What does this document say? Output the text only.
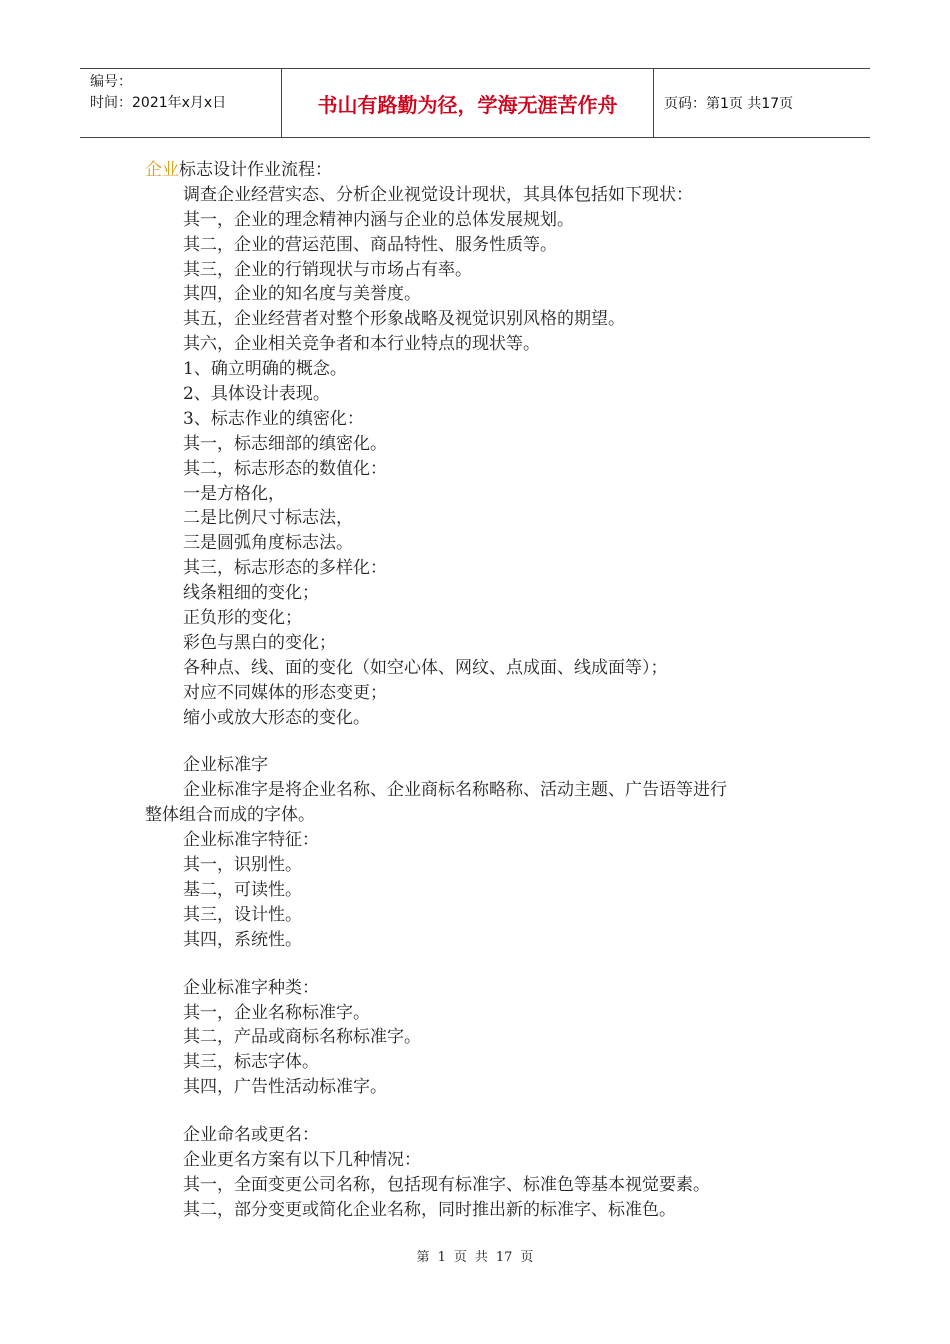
编号：
时间：2021年x月x日	书山有路勤为径，学海无涯苦作舟	页码：第1页 共17页
企业标志设计作业流程：
调查企业经营实态、分析企业视觉设计现状，其具体包括如下现状：
其一，企业的理念精神内涵与企业的总体发展规划。
其二，企业的营运范围、商品特性、服务性质等。
其三，企业的行销现状与市场占有率。
其四，企业的知名度与美誉度。
其五，企业经营者对整个形象战略及视觉识别风格的期望。
其六，企业相关竞争者和本行业特点的现状等。
1、确立明确的概念。
2、具体设计表现。
3、标志作业的缜密化：
其一，标志细部的缜密化。
其二，标志形态的数值化：
一是方格化，
二是比例尺寸标志法，
三是圆弧角度标志法。
其三，标志形态的多样化：
线条粗细的变化；
正负形的变化；
彩色与黑白的变化；
各种点、线、面的变化（如空心体、网纹、点成面、线成面等）；
对应不同媒体的形态变更；
缩小或放大形态的变化。
企业标准字
企业标准字是将企业名称、企业商标名称略称、活动主题、广告语等进行
整体组合而成的字体。
企业标准字特征：
其一，识别性。
基二，可读性。
其三，设计性。
其四，系统性。
企业标准字种类：
其一，企业名称标准字。
其二，产品或商标名称标准字。
其三，标志字体。
其四，广告性活动标准字。
企业命名或更名：
企业更名方案有以下几种情况：
其一，全面变更公司名称，包括现有标准字、标准色等基本视觉要素。
其二，部分变更或简化企业名称，同时推出新的标准字、标准色。
第 1 页 共 17 页
